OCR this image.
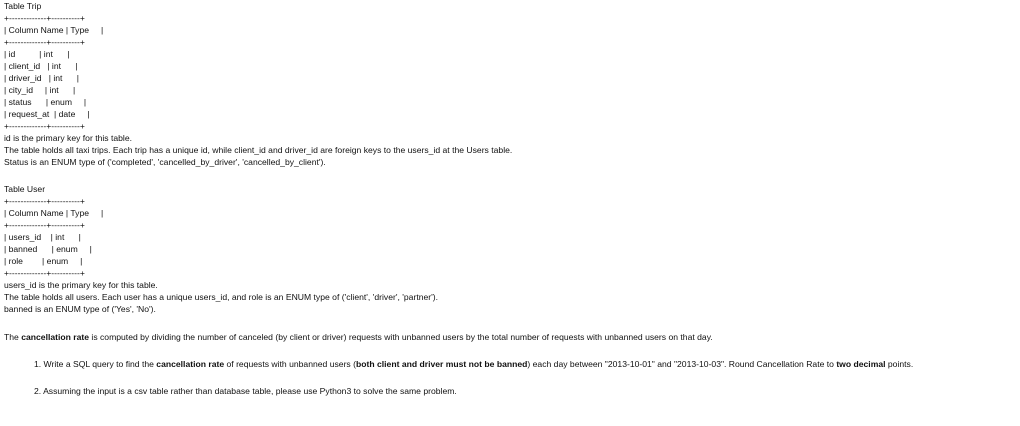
Table Trip
+-------------+----------+
| Column Name | Type     |
+-------------+----------+
| id          | int      |
| client_id   | int      |
| driver_id   | int      |
| city_id     | int      |
| status      | enum     |
| request_at  | date     |
+-------------+----------+
id is the primary key for this table.
The table holds all taxi trips. Each trip has a unique id, while client_id and driver_id are foreign keys to the users_id at the Users table.
Status is an ENUM type of ('completed', 'cancelled_by_driver', 'cancelled_by_client').
Table User
+-------------+----------+
| Column Name | Type     |
+-------------+----------+
| users_id    | int      |
| banned      | enum     |
| role        | enum     |
+-------------+----------+
users_id is the primary key for this table.
The table holds all users. Each user has a unique users_id, and role is an ENUM type of ('client', 'driver', 'partner').
banned is an ENUM type of ('Yes', 'No').
The cancellation rate is computed by dividing the number of canceled (by client or driver) requests with unbanned users by the total number of requests with unbanned users on that day.
1. Write a SQL query to find the cancellation rate of requests with unbanned users (both client and driver must not be banned) each day between "2013-10-01" and "2013-10-03". Round Cancellation Rate to two decimal points.
2. Assuming the input is a csv table rather than database table, please use Python3 to solve the same problem.
